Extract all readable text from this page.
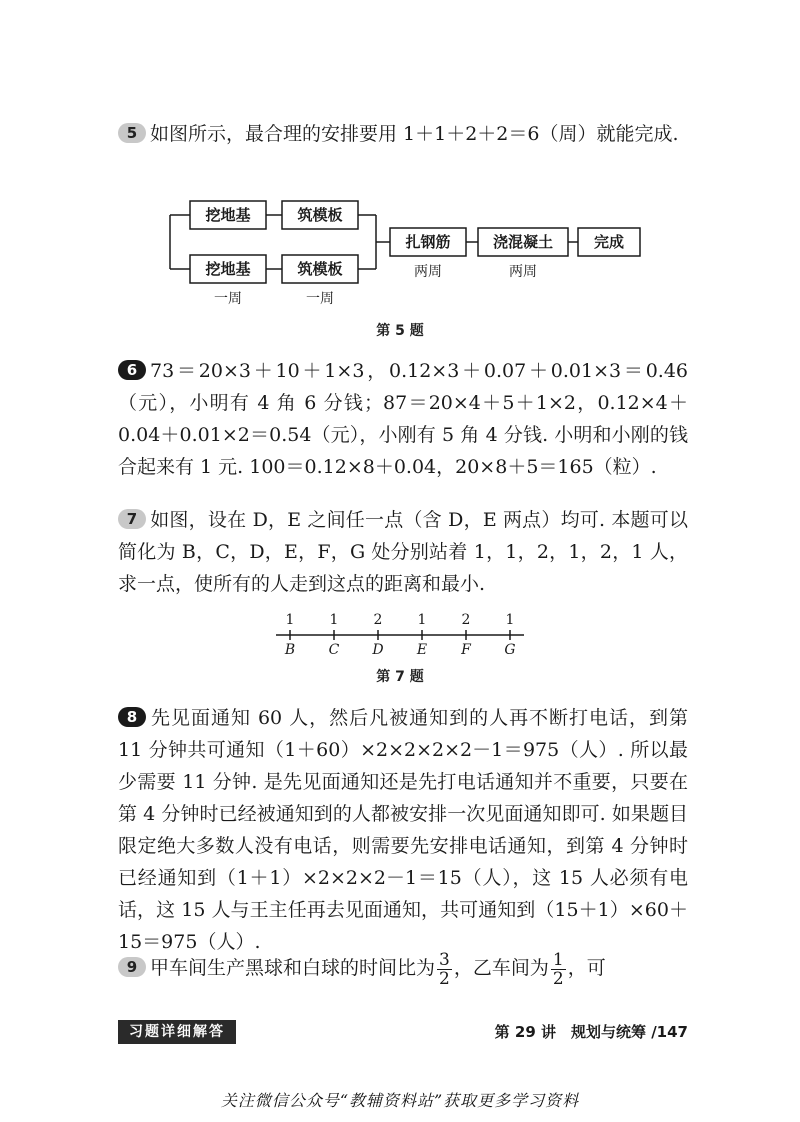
5 如图所示，最合理的安排要用 1＋1＋2＋2＝6（周）就能完成.

挖地基	筑模板
挖地基	筑模板
扎钢筋	浇混凝土	完成
一周	一周
两周	两周
第 5 题

6 73＝20×3＋10＋1×3，0.12×3＋0.07＋0.01×3＝0.46（元），小明有 4 角 6 分钱；87＝20×4＋5＋1×2，0.12×4＋0.04＋0.01×2＝0.54（元），小刚有 5 角 4 分钱. 小明和小刚的钱合起来有 1 元. 100＝0.12×8＋0.04，20×8＋5＝165（粒）.

7 如图，设在 D，E 之间任一点（含 D，E 两点）均可. 本题可以简化为 B，C，D，E，F，G 处分别站着 1，1，2，1，2，1 人，求一点，使所有的人走到这点的距离和最小.

1	1	2	1	2	1
B C D E F G
第 7 题

8 先见面通知 60 人，然后凡被通知到的人再不断打电话，到第 11 分钟共可通知（1＋60）×2×2×2×2－1＝975（人）. 所以最少需要 11 分钟. 是先见面通知还是先打电话通知并不重要，只要在第 4 分钟时已经被通知到的人都被安排一次见面通知即可. 如果题目限定绝大多数人没有电话，则需要先安排电话通知，到第 4 分钟时已经通知到（1＋1）×2×2×2－1＝15（人），这 15 人必须有电话，这 15 人与王主任再去见面通知，共可通知到（15＋1）×60＋15＝975（人）.

9 甲车间生产黑球和白球的时间比为 $\frac{3}{2}$ ，乙车间为 $\frac{1}{2}$ ，可

习题详细解答	第 29 讲　规划与统筹 /147
关注微信公众号“教辅资料站”获取更多学习资料
